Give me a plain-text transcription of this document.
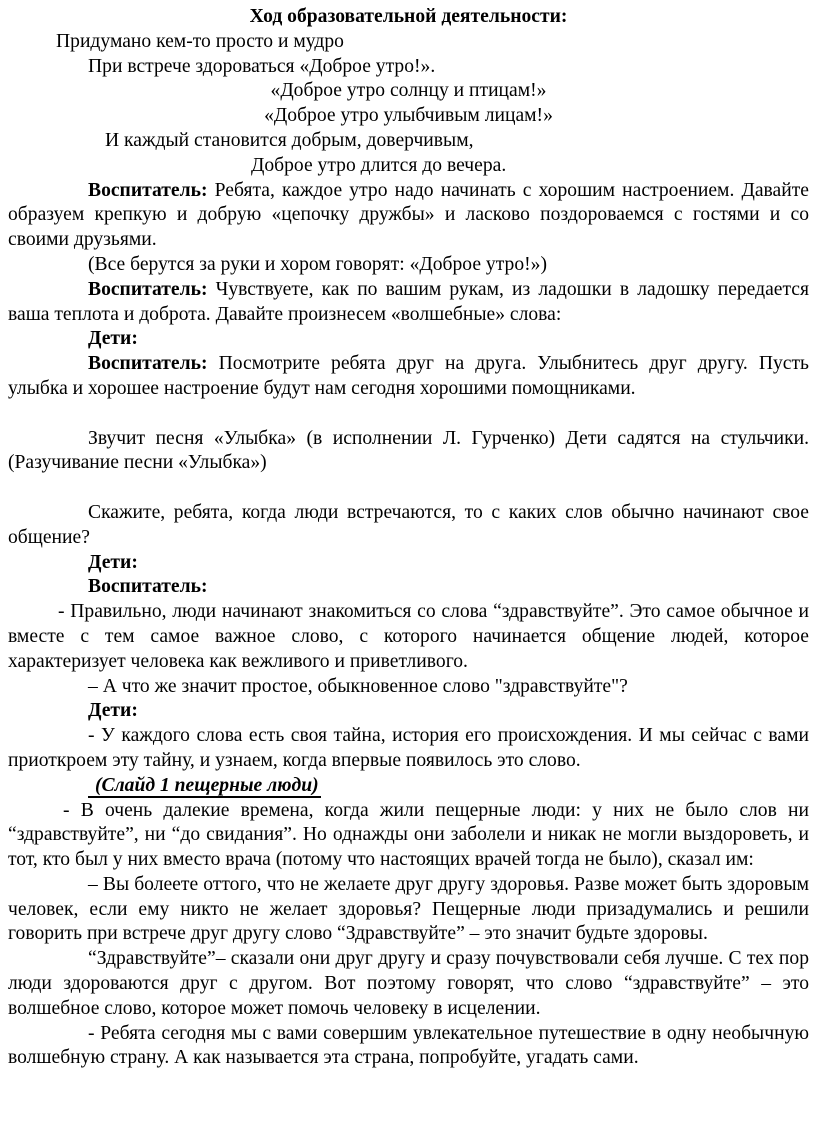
Ход образовательной деятельности:

Придумано кем-то просто и мудро

При встрече здороваться «Доброе утро!».

«Доброе утро солнцу и птицам!»

«Доброе утро улыбчивым лицам!»

И каждый становится добрым, доверчивым,

Доброе утро длится до вечера.

Воспитатель: Ребята, каждое утро надо начинать с хорошим настроением. Давайте образуем крепкую и добрую «цепочку дружбы» и ласково поздороваемся с гостями и со своими друзьями.

(Все берутся за руки и хором говорят: «Доброе утро!»)

Воспитатель: Чувствуете, как по вашим рукам, из ладошки в ладошку передается ваша теплота и доброта. Давайте произнесем «волшебные» слова:

Дети:

Воспитатель: Посмотрите ребята друг на друга. Улыбнитесь друг другу. Пусть улыбка и хорошее настроение будут нам сегодня хорошими помощниками.

Звучит песня «Улыбка» (в исполнении Л. Гурченко) Дети садятся на стульчики. (Разучивание песни «Улыбка»)

Скажите, ребята, когда люди встречаются, то с каких слов обычно начинают свое общение?

Дети:

Воспитатель:

- Правильно, люди начинают знакомиться со слова “здравствуйте”. Это самое обычное и вместе с тем самое важное слово, с которого начинается общение людей, которое характеризует человека как вежливого и приветливого.

– А что же значит простое, обыкновенное слово "здравствуйте"?

Дети:

- У каждого слова есть своя тайна, история его происхождения. И мы сейчас с вами приоткроем эту тайну, и узнаем, когда впервые появилось это слово.

(Слайд 1 пещерные люди)

- В очень далекие времена, когда жили пещерные люди: у них не было слов ни “здравствуйте”, ни “до свидания”. Но однажды они заболели и никак не могли выздороветь, и тот, кто был у них вместо врача (потому что настоящих врачей тогда не было), сказал им:

– Вы болеете оттого, что не желаете друг другу здоровья. Разве может быть здоровым человек, если ему никто не желает здоровья? Пещерные люди призадумались и решили говорить при встрече друг другу слово “Здравствуйте” – это значит будьте здоровы.

“Здравствуйте”– сказали они друг другу и сразу почувствовали себя лучше. С тех пор люди здороваются друг с другом. Вот поэтому говорят, что слово “здравствуйте” – это волшебное слово, которое может помочь человеку в исцелении.

- Ребята сегодня мы с вами совершим увлекательное путешествие в одну необычную волшебную страну. А как называется эта страна, попробуйте, угадать сами.
